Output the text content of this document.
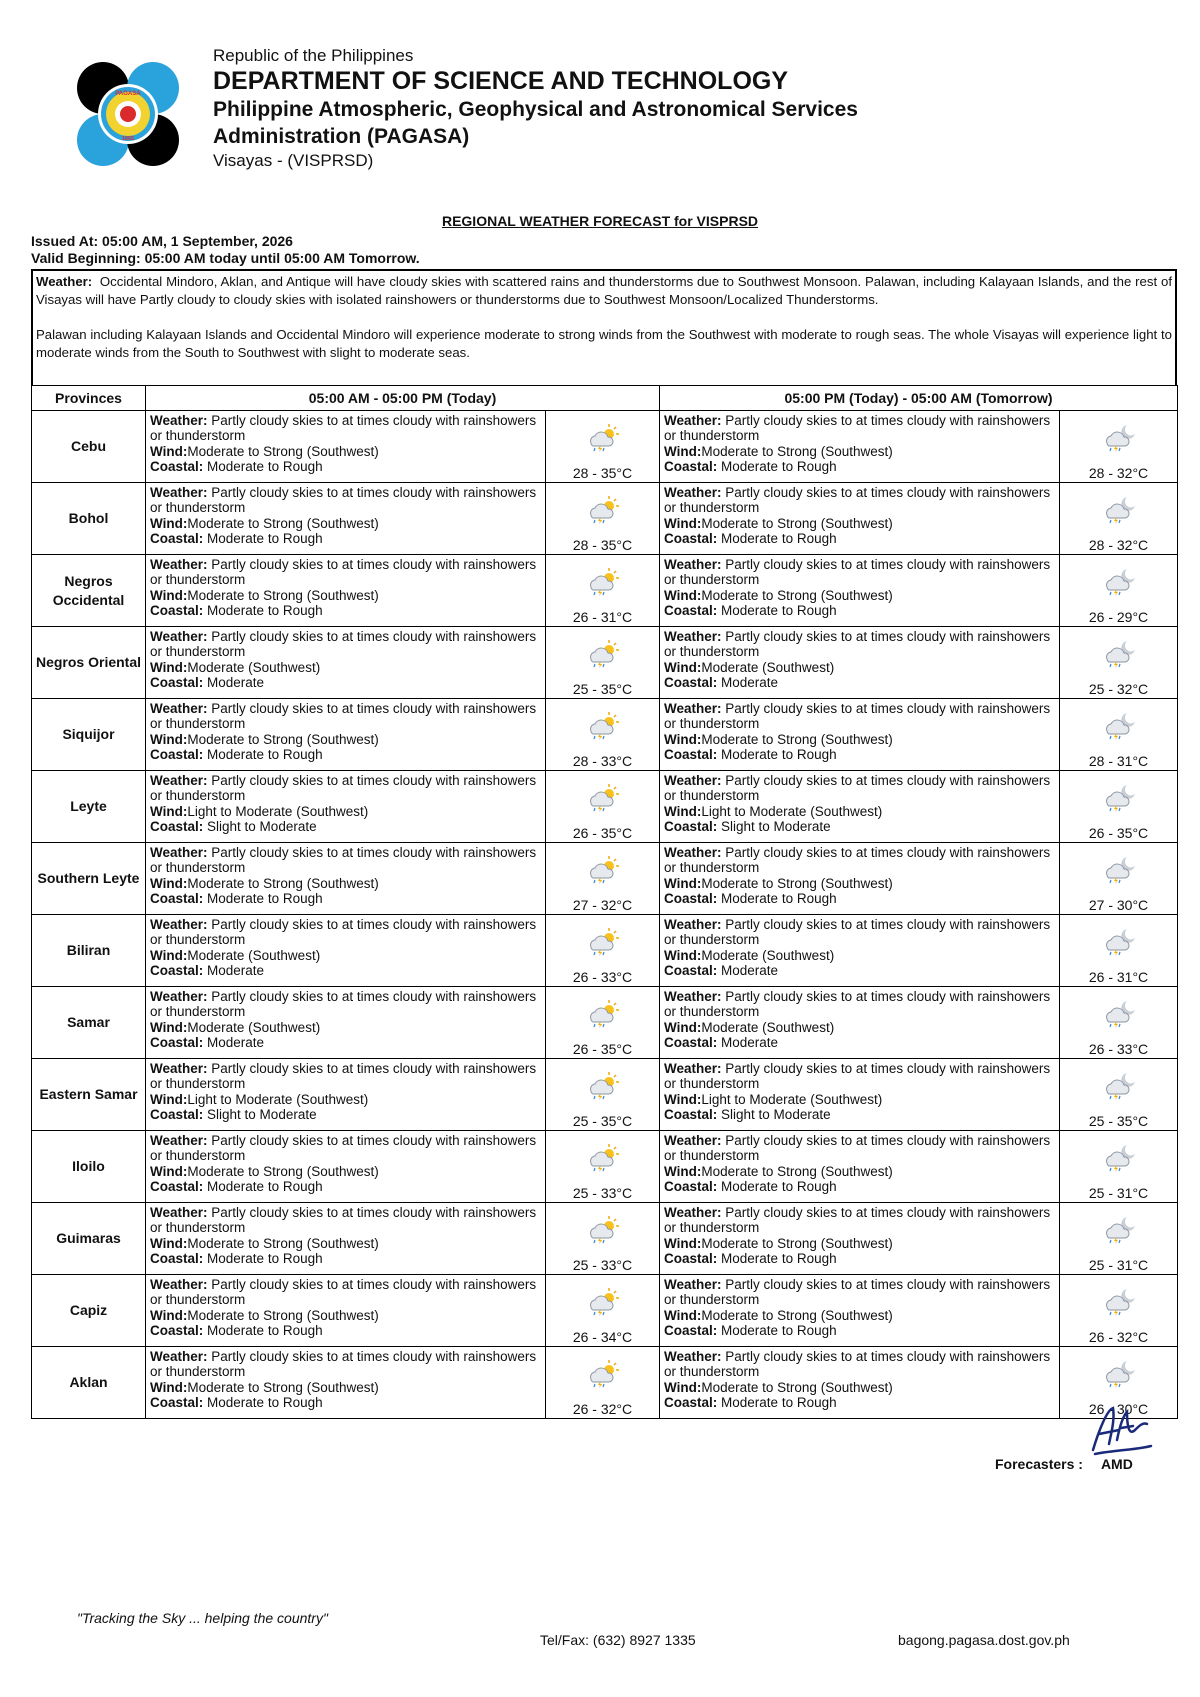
PAGASA
1865
Republic of the Philippines
DEPARTMENT OF SCIENCE AND TECHNOLOGY
Philippine Atmospheric, Geophysical and Astronomical Services
Administration (PAGASA)
Visayas - (VISPRSD)
REGIONAL WEATHER FORECAST for VISPRSD
Issued At: 05:00 AM, 1 September, 2026
Valid Beginning: 05:00 AM today until 05:00 AM Tomorrow.

Weather: Occidental Mindoro, Aklan, and Antique will have cloudy skies with scattered rains and thunderstorms due to Southwest Monsoon. Palawan, including Kalayaan Islands, and the rest of Visayas will have Partly cloudy to cloudy skies with isolated rainshowers or thunderstorms due to Southwest Monsoon/Localized Thunderstorms.

Palawan including Kalayaan Islands and Occidental Mindoro will experience moderate to strong winds from the Southwest with moderate to rough seas. The whole Visayas will experience light to moderate winds from the South to Southwest with slight to moderate seas.

Provinces	05:00 AM - 05:00 PM (Today)		05:00 PM (Today) - 05:00 AM (Tomorrow)	
Cebu	Weather: Partly cloudy skies to at times cloudy with rainshowers or thunderstorm
Wind:Moderate to Strong (Southwest)
Coastal: Moderate to Rough	28 - 35°C	Weather: Partly cloudy skies to at times cloudy with rainshowers or thunderstorm
Wind:Moderate to Strong (Southwest)
Coastal: Moderate to Rough	28 - 32°C

Bohol	Weather: Partly cloudy skies to at times cloudy with rainshowers or thunderstorm
Wind:Moderate to Strong (Southwest)
Coastal: Moderate to Rough	28 - 35°C	Weather: Partly cloudy skies to at times cloudy with rainshowers or thunderstorm
Wind:Moderate to Strong (Southwest)
Coastal: Moderate to Rough	28 - 32°C

Negros Occidental	Weather: Partly cloudy skies to at times cloudy with rainshowers or thunderstorm
Wind:Moderate to Strong (Southwest)
Coastal: Moderate to Rough	26 - 31°C	Weather: Partly cloudy skies to at times cloudy with rainshowers or thunderstorm
Wind:Moderate to Strong (Southwest)
Coastal: Moderate to Rough	26 - 29°C

Negros Oriental	Weather: Partly cloudy skies to at times cloudy with rainshowers or thunderstorm
Wind:Moderate (Southwest)
Coastal: Moderate	25 - 35°C	Weather: Partly cloudy skies to at times cloudy with rainshowers or thunderstorm
Wind:Moderate (Southwest)
Coastal: Moderate	25 - 32°C

Siquijor	Weather: Partly cloudy skies to at times cloudy with rainshowers or thunderstorm
Wind:Moderate to Strong (Southwest)
Coastal: Moderate to Rough	28 - 33°C	Weather: Partly cloudy skies to at times cloudy with rainshowers or thunderstorm
Wind:Moderate to Strong (Southwest)
Coastal: Moderate to Rough	28 - 31°C

Leyte	Weather: Partly cloudy skies to at times cloudy with rainshowers or thunderstorm
Wind:Light to Moderate (Southwest)
Coastal: Slight to Moderate	26 - 35°C	Weather: Partly cloudy skies to at times cloudy with rainshowers or thunderstorm
Wind:Light to Moderate (Southwest)
Coastal: Slight to Moderate	26 - 35°C

Southern Leyte	Weather: Partly cloudy skies to at times cloudy with rainshowers or thunderstorm
Wind:Moderate to Strong (Southwest)
Coastal: Moderate to Rough	27 - 32°C	Weather: Partly cloudy skies to at times cloudy with rainshowers or thunderstorm
Wind:Moderate to Strong (Southwest)
Coastal: Moderate to Rough	27 - 30°C

Biliran	Weather: Partly cloudy skies to at times cloudy with rainshowers or thunderstorm
Wind:Moderate (Southwest)
Coastal: Moderate	26 - 33°C	Weather: Partly cloudy skies to at times cloudy with rainshowers or thunderstorm
Wind:Moderate (Southwest)
Coastal: Moderate	26 - 31°C

Samar	Weather: Partly cloudy skies to at times cloudy with rainshowers or thunderstorm
Wind:Moderate (Southwest)
Coastal: Moderate	26 - 35°C	Weather: Partly cloudy skies to at times cloudy with rainshowers or thunderstorm
Wind:Moderate (Southwest)
Coastal: Moderate	26 - 33°C

Eastern Samar	Weather: Partly cloudy skies to at times cloudy with rainshowers or thunderstorm
Wind:Light to Moderate (Southwest)
Coastal: Slight to Moderate	25 - 35°C	Weather: Partly cloudy skies to at times cloudy with rainshowers or thunderstorm
Wind:Light to Moderate (Southwest)
Coastal: Slight to Moderate	25 - 35°C

Iloilo	Weather: Partly cloudy skies to at times cloudy with rainshowers or thunderstorm
Wind:Moderate to Strong (Southwest)
Coastal: Moderate to Rough	25 - 33°C	Weather: Partly cloudy skies to at times cloudy with rainshowers or thunderstorm
Wind:Moderate to Strong (Southwest)
Coastal: Moderate to Rough	25 - 31°C

Guimaras	Weather: Partly cloudy skies to at times cloudy with rainshowers or thunderstorm
Wind:Moderate to Strong (Southwest)
Coastal: Moderate to Rough	25 - 33°C	Weather: Partly cloudy skies to at times cloudy with rainshowers or thunderstorm
Wind:Moderate to Strong (Southwest)
Coastal: Moderate to Rough	25 - 31°C

Capiz	Weather: Partly cloudy skies to at times cloudy with rainshowers or thunderstorm
Wind:Moderate to Strong (Southwest)
Coastal: Moderate to Rough	26 - 34°C	Weather: Partly cloudy skies to at times cloudy with rainshowers or thunderstorm
Wind:Moderate to Strong (Southwest)
Coastal: Moderate to Rough	26 - 32°C

Aklan	Weather: Partly cloudy skies to at times cloudy with rainshowers or thunderstorm
Wind:Moderate to Strong (Southwest)
Coastal: Moderate to Rough	26 - 32°C	Weather: Partly cloudy skies to at times cloudy with rainshowers or thunderstorm
Wind:Moderate to Strong (Southwest)
Coastal: Moderate to Rough	26 - 30°C
Afn
Forecasters : AMD
"Tracking the Sky ... helping the country"
Tel/Fax: (632) 8927 1335	bagong.pagasa.dost.gov.ph
